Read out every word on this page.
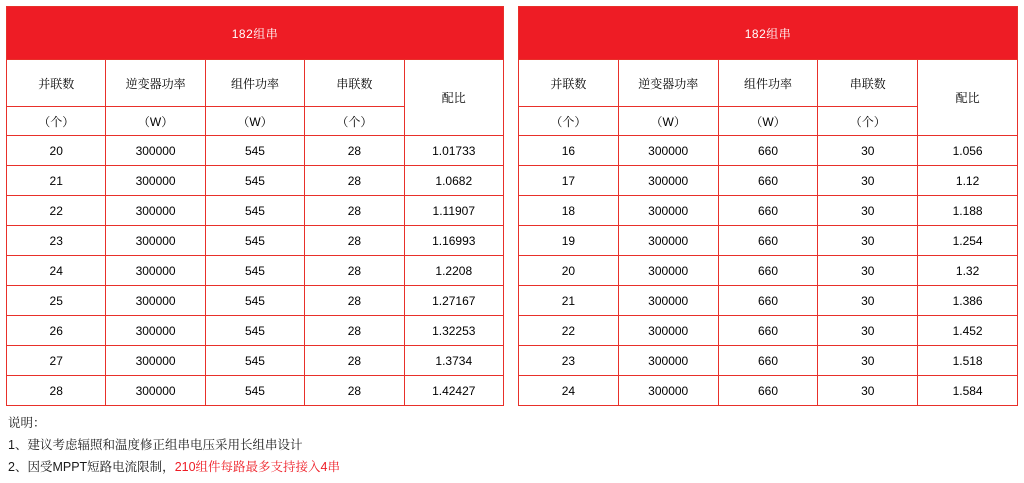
182组串				
并联数	逆变器功率	组件功率	串联数	配比
（个）	（W）	（W）	（个）	
20	300000	545	28	1.01733
21	300000	545	28	1.0682
22	300000	545	28	1.11907
23	300000	545	28	1.16993
24	300000	545	28	1.2208
25	300000	545	28	1.27167
26	300000	545	28	1.32253
27	300000	545	28	1.3734
28	300000	545	28	1.42427
182组串				
并联数	逆变器功率	组件功率	串联数	配比
（个）	（W）	（W）	（个）	
16	300000	660	30	1.056
17	300000	660	30	1.12
18	300000	660	30	1.188
19	300000	660	30	1.254
20	300000	660	30	1.32
21	300000	660	30	1.386
22	300000	660	30	1.452
23	300000	660	30	1.518
24	300000	660	30	1.584
说明：
1、建议考虑辐照和温度修正组串电压采用长组串设计
2、因受MPPT短路电流限制，210组件每路最多支持接入4串
